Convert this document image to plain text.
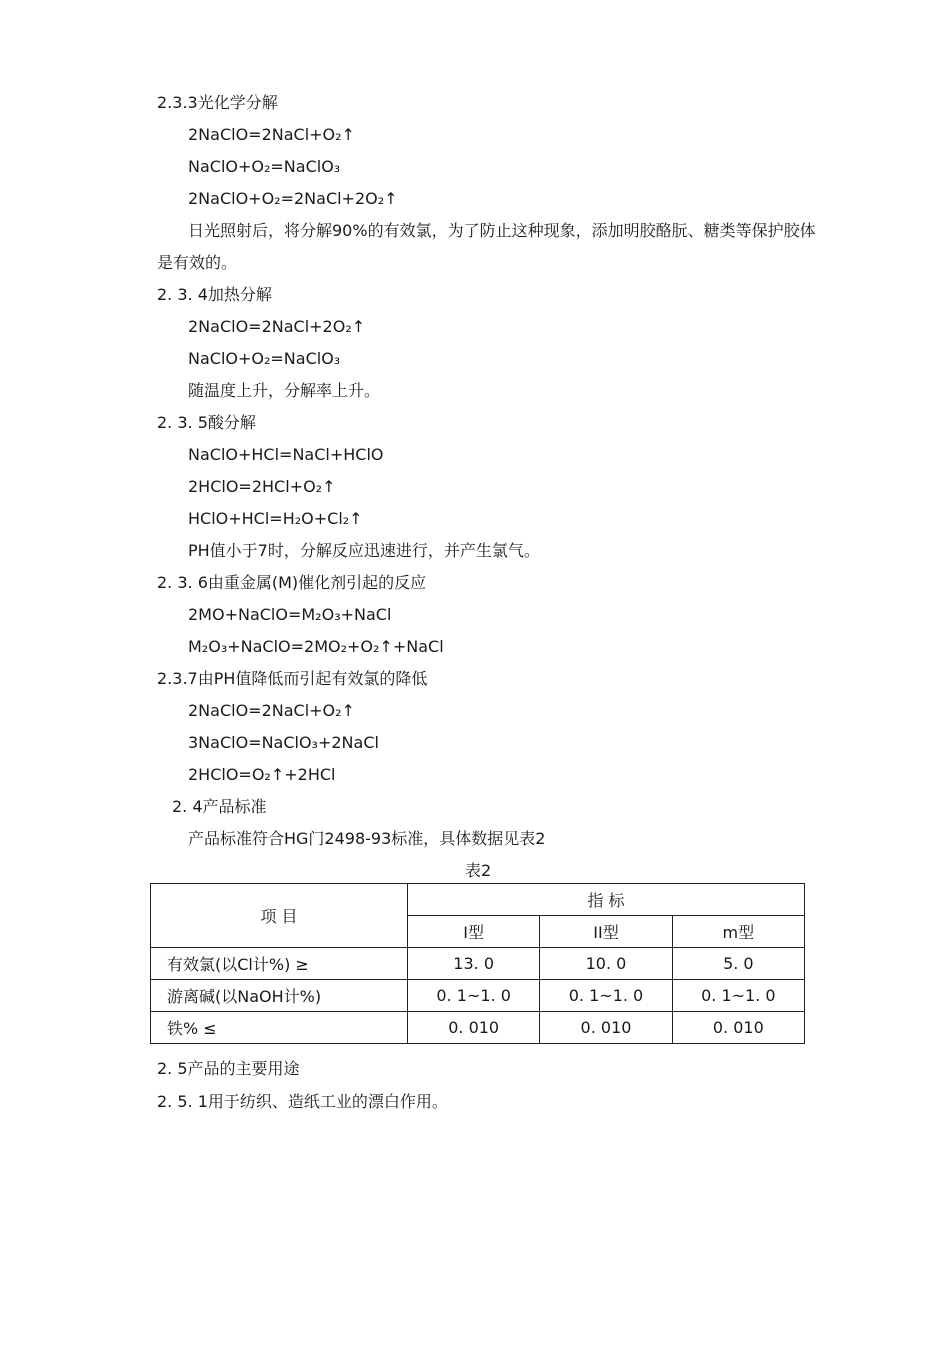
2.3.3光化学分解
2NaClO=2NaCl+O₂↑
NaClO+O₂=NaClO₃
2NaClO+O₂=2NaCl+2O₂↑
日光照射后，将分解90%的有效氯，为了防止这种现象，添加明胶酪朊、糖类等保护胶体
是有效的。
2. 3. 4加热分解
2NaClO=2NaCl+2O₂↑
NaClO+O₂=NaClO₃
随温度上升，分解率上升。
2. 3. 5酸分解
NaClO+HCl=NaCl+HClO
2HClO=2HCl+O₂↑
HClO+HCl=H₂O+Cl₂↑
PH值小于7时，分解反应迅速进行，并产生氯气。
2. 3. 6由重金属(M)催化剂引起的反应
2MO+NaClO=M₂O₃+NaCl
M₂O₃+NaClO=2MO₂+O₂↑+NaCl
2.3.7由PH值降低而引起有效氯的降低
2NaClO=2NaCl+O₂↑
3NaClO=NaClO₃+2NaCl
2HClO=O₂↑+2HCl
2. 4产品标准
产品标准符合HG门2498-93标准，具体数据见表2
表2
项 目	指 标		
	I型	II型	m型
有效氯(以Cl计%) ≥	13. 0	10. 0	5. 0
游离碱(以NaOH计%)	0. 1~1. 0	0. 1~1. 0	0. 1~1. 0
铁% ≤	0. 010	0. 010	0. 010
2. 5产品的主要用途
2. 5. 1用于纺织、造纸工业的漂白作用。
